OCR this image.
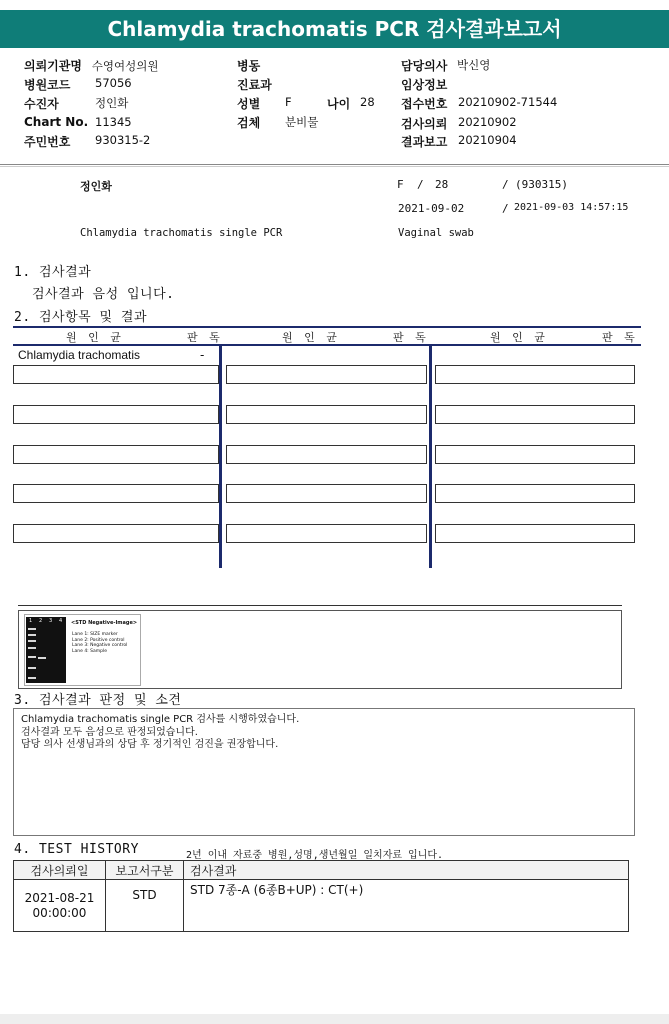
Chlamydia trachomatis PCR 검사결과보고서
의뢰기관명 수영여성의원
병원코드 57056
수진자	정인화
Chart No. 11345
주민번호 930315-2
병동
진료과
성별 F	나이 28
검체 분비물
담당의사 박신영
임상정보
접수번호 20210902-71544
검사의뢰 20210902
결과보고 20210904
정인화	F / 28	/ (930315)
2021-09-02	/ 2021-09-03 14:57:15
Chlamydia trachomatis single PCR	Vaginal swab
1. 검사결과
검사결과 음성 입니다.
2. 검사항목 및 결과
원 인 균	판 독	원 인 균	판 독	원 인 균	판 독
Chlamydia trachomatis	-
1 2 3 4 <STD Negative-Image>
Lane 1: SIZE marker
Lane 2: Positive control
Lane 3: Negative control
Lane 4: Sample
3. 검사결과 판정 및 소견
Chlamydia trachomatis single PCR 검사를 시행하였습니다.
검사결과 모두 음성으로 판정되었습니다.
담당 의사 선생님과의 상담 후 정기적인 검진을 권장합니다.
4. TEST HISTORY	2년 이내 자료중 병원,성명,생년월일 일치자료 입니다.
검사의뢰일	보고서구분	검사결과

2021-08-21
00:00:00	STD	STD 7종-A (6종B+UP) : CT(+)
